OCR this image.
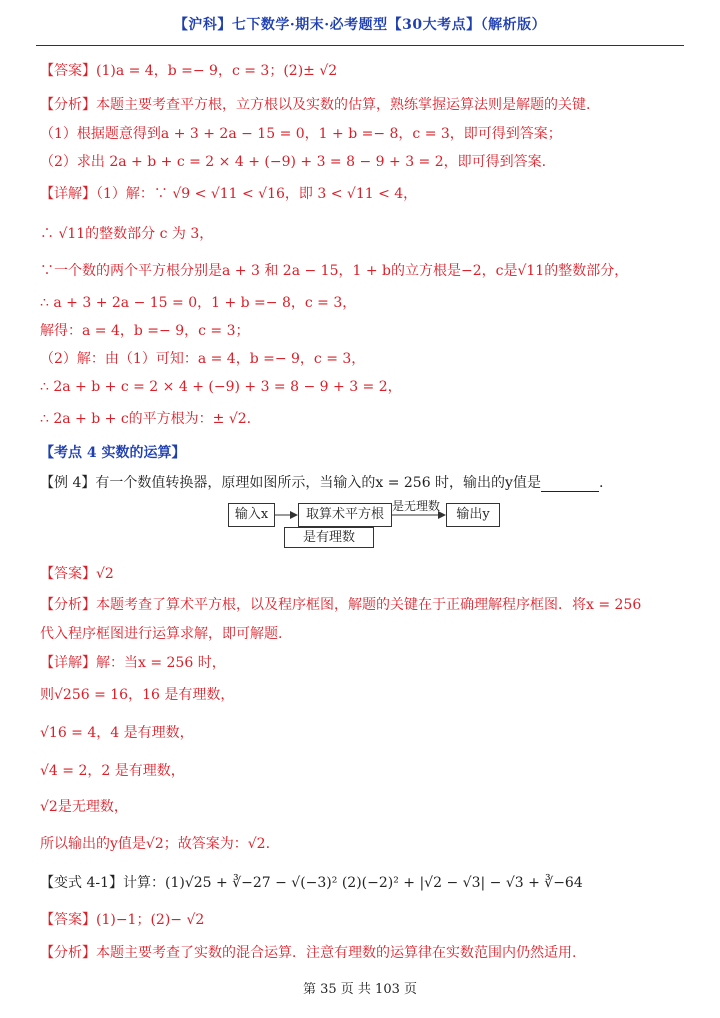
【沪科】七下数学·期末·必考题型【30大考点】（解析版）
【答案】(1)a = 4，b =− 9，c = 3；(2)± √2
【分析】本题主要考查平方根，立方根以及实数的估算，熟练掌握运算法则是解题的关键.
（1）根据题意得到a + 3 + 2a − 15 = 0，1 + b =− 8，c = 3，即可得到答案；
（2）求出 2a + b + c = 2 × 4 + (−9) + 3 = 8 − 9 + 3 = 2，即可得到答案.
【详解】（1）解：∵ √9 < √11 < √16，即 3 < √11 < 4，
∴ √11的整数部分 c 为 3，
∵一个数的两个平方根分别是a + 3 和 2a − 15，1 + b的立方根是−2，c是√11的整数部分，
∴ a + 3 + 2a − 15 = 0，1 + b =− 8，c = 3，
解得：a = 4，b =− 9，c = 3；
（2）解：由（1）可知：a = 4，b =− 9，c = 3，
∴ 2a + b + c = 2 × 4 + (−9) + 3 = 8 − 9 + 3 = 2，
∴ 2a + b + c的平方根为：± √2.
【考点 4 实数的运算】
【例 4】有一个数值转换器，原理如图所示，当输入的x = 256 时，输出的y值是	.
输入x	取算术平方根	输出y
是有理数
是无理数
【答案】√2
【分析】本题考查了算术平方根，以及程序框图，解题的关键在于正确理解程序框图．将x = 256
代入程序框图进行运算求解，即可解题.
【详解】解：当x = 256 时，
则√256 = 16，16 是有理数，
√16 = 4，4 是有理数，
√4 = 2，2 是有理数，
√2是无理数，
所以输出的y值是√2；故答案为：√2.
【变式 4-1】计算：(1)√25 + ∛−27 − √(−3)² (2)(−2)² + |√2 − √3| − √3 + ∛−64
【答案】(1)−1；(2)− √2
【分析】本题主要考查了实数的混合运算．注意有理数的运算律在实数范围内仍然适用.
第 35 页 共 103 页
